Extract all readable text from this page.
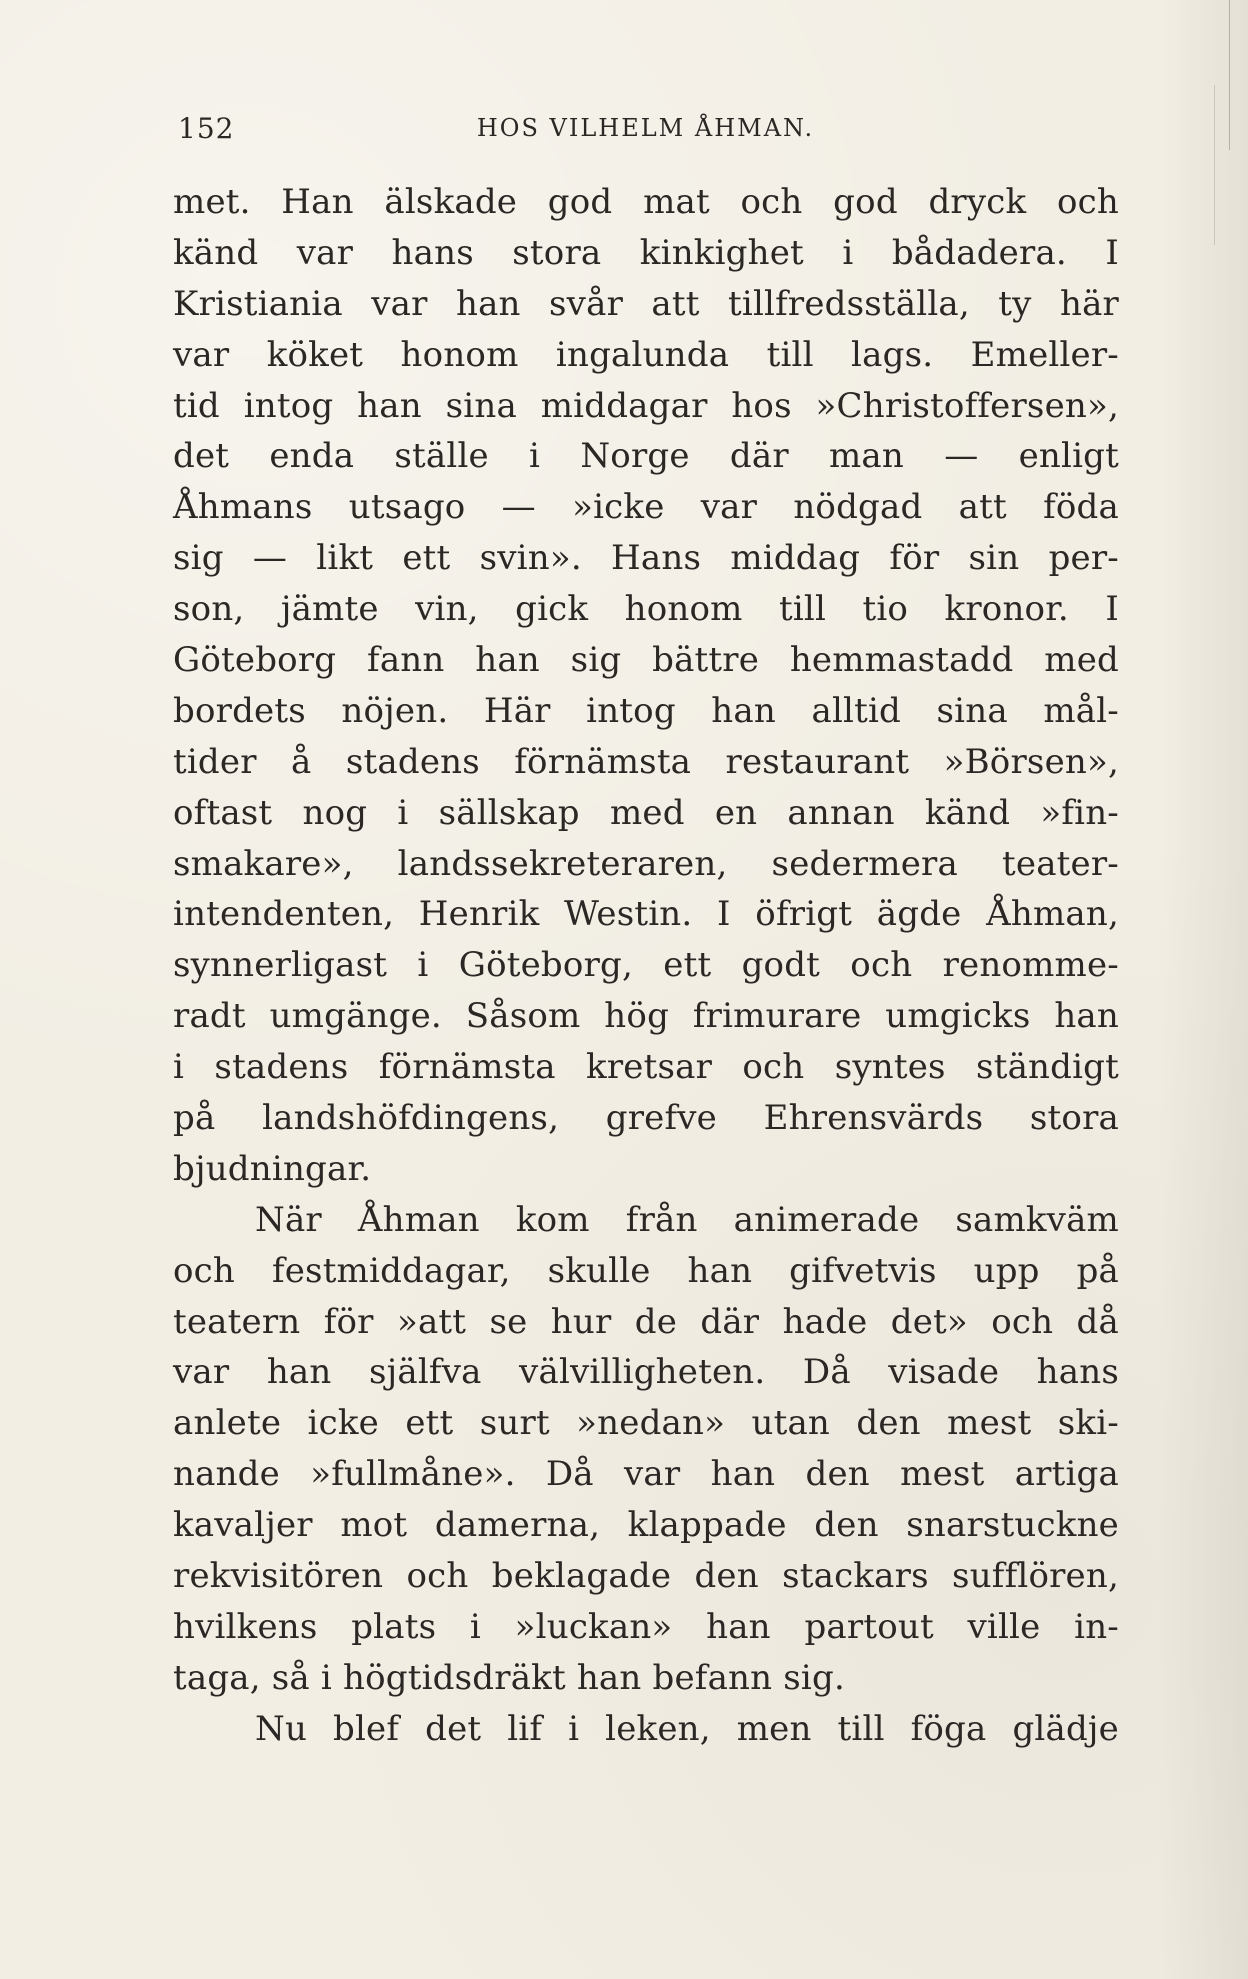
152	HOS VILHELM ÅHMAN.
met. Han älskade god mat och god dryck och
känd var hans stora kinkighet i bådadera. I
Kristiania var han svår att tillfredsställa, ty här
var köket honom ingalunda till lags. Emeller-
tid intog han sina middagar hos »Christoffersen»,
det enda ställe i Norge där man — enligt
Åhmans utsago — »icke var nödgad att föda
sig — likt ett svin». Hans middag för sin per-
son, jämte vin, gick honom till tio kronor. I
Göteborg fann han sig bättre hemmastadd med
bordets nöjen. Här intog han alltid sina mål-
tider å stadens förnämsta restaurant »Börsen»,
oftast nog i sällskap med en annan känd »fin-
smakare», landssekreteraren, sedermera teater-
intendenten, Henrik Westin. I öfrigt ägde Åhman,
synnerligast i Göteborg, ett godt och renomme-
radt umgänge. Såsom hög frimurare umgicks han
i stadens förnämsta kretsar och syntes ständigt
på landshöfdingens, grefve Ehrensvärds stora
bjudningar.
När Åhman kom från animerade samkväm
och festmiddagar, skulle han gifvetvis upp på
teatern för »att se hur de där hade det» och då
var han själfva välvilligheten. Då visade hans
anlete icke ett surt »nedan» utan den mest ski-
nande »fullmåne». Då var han den mest artiga
kavaljer mot damerna, klappade den snarstuckne
rekvisitören och beklagade den stackars sufflören,
hvilkens plats i »luckan» han partout ville in-
taga, så i högtidsdräkt han befann sig.
Nu blef det lif i leken, men till föga glädje
